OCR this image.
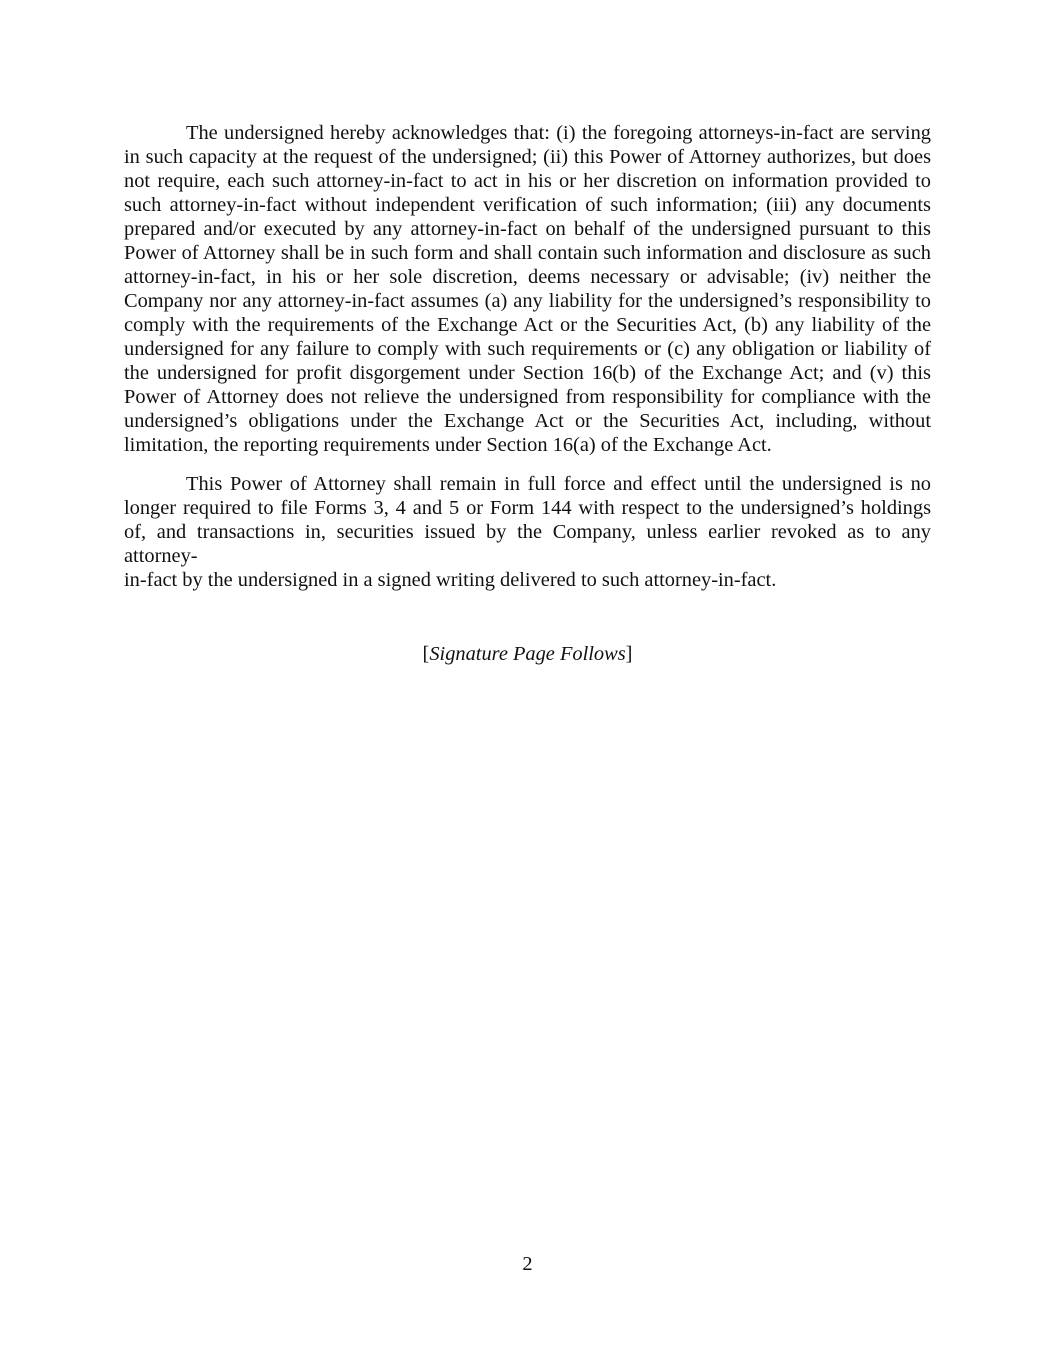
The undersigned hereby acknowledges that: (i) the foregoing attorneys-in-fact are serving
in such capacity at the request of the undersigned; (ii) this Power of Attorney authorizes, but does
not require, each such attorney-in-fact to act in his or her discretion on information provided to
such attorney-in-fact without independent verification of such information; (iii) any documents
prepared and/or executed by any attorney-in-fact on behalf of the undersigned pursuant to this
Power of Attorney shall be in such form and shall contain such information and disclosure as such
attorney-in-fact, in his or her sole discretion, deems necessary or advisable; (iv) neither the
Company nor any attorney-in-fact assumes (a) any liability for the undersigned’s responsibility to
comply with the requirements of the Exchange Act or the Securities Act, (b) any liability of the
undersigned for any failure to comply with such requirements or (c) any obligation or liability of
the undersigned for profit disgorgement under Section 16(b) of the Exchange Act; and (v) this
Power of Attorney does not relieve the undersigned from responsibility for compliance with the
undersigned’s obligations under the Exchange Act or the Securities Act, including, without
limitation, the reporting requirements under Section 16(a) of the Exchange Act.
This Power of Attorney shall remain in full force and effect until the undersigned is no
longer required to file Forms 3, 4 and 5 or Form 144 with respect to the undersigned’s holdings
of, and transactions in, securities issued by the Company, unless earlier revoked as to any attorney-
in-fact by the undersigned in a signed writing delivered to such attorney-in-fact.
[Signature Page Follows]
2
